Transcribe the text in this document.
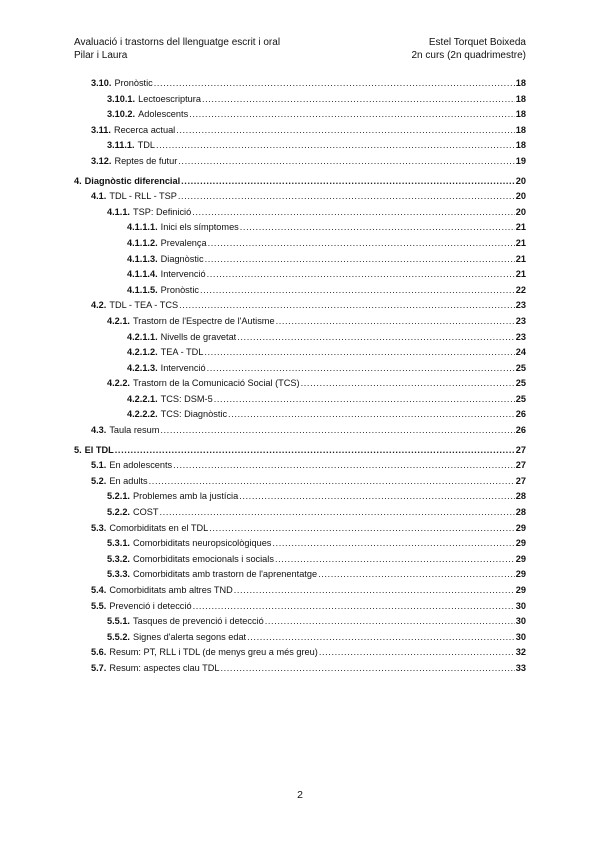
Avaluació i trastorns del llenguatge escrit i oral	Estel Torquet Boixeda
Pilar i Laura	2n curs (2n quadrimestre)
3.10. Pronòstic .....	18
3.10.1. Lectoescriptura .....	18
3.10.2. Adolescents .....	18
3.11. Recerca actual .....	18
3.11.1. TDL .....	18
3.12. Reptes de futur .....	19
4. Diagnòstic diferencial .....	20
4.1. TDL - RLL - TSP .....	20
4.1.1. TSP: Definició .....	20
4.1.1.1. Inici els símptomes .....	21
4.1.1.2. Prevalença .....	21
4.1.1.3. Diagnòstic .....	21
4.1.1.4. Intervenció .....	21
4.1.1.5. Pronòstic .....	22
4.2. TDL - TEA - TCS .....	23
4.2.1. Trastorn de l'Espectre de l'Autisme .....	23
4.2.1.1. Nivells de gravetat .....	23
4.2.1.2. TEA - TDL .....	24
4.2.1.3. Intervenció .....	25
4.2.2. Trastorn de la Comunicació Social (TCS) .....	25
4.2.2.1. TCS: DSM-5 .....	25
4.2.2.2. TCS: Diagnòstic .....	26
4.3. Taula resum .....	26
5. El TDL .....	27
5.1. En adolescents .....	27
5.2. En adults .....	27
5.2.1. Problemes amb la justícia .....	28
5.2.2. COST .....	28
5.3. Comorbiditats en el TDL .....	29
5.3.1. Comorbiditats neuropsicològiques .....	29
5.3.2. Comorbiditats emocionals i socials .....	29
5.3.3. Comorbiditats amb trastorn de l'aprenentatge .....	29
5.4. Comorbiditats amb altres TND .....	29
5.5. Prevenció i detecció .....	30
5.5.1. Tasques de prevenció i detecció .....	30
5.5.2. Signes d'alerta segons edat .....	30
5.6. Resum: PT, RLL i TDL (de menys greu a més greu) .....	32
5.7. Resum: aspectes clau TDL .....	33
2
